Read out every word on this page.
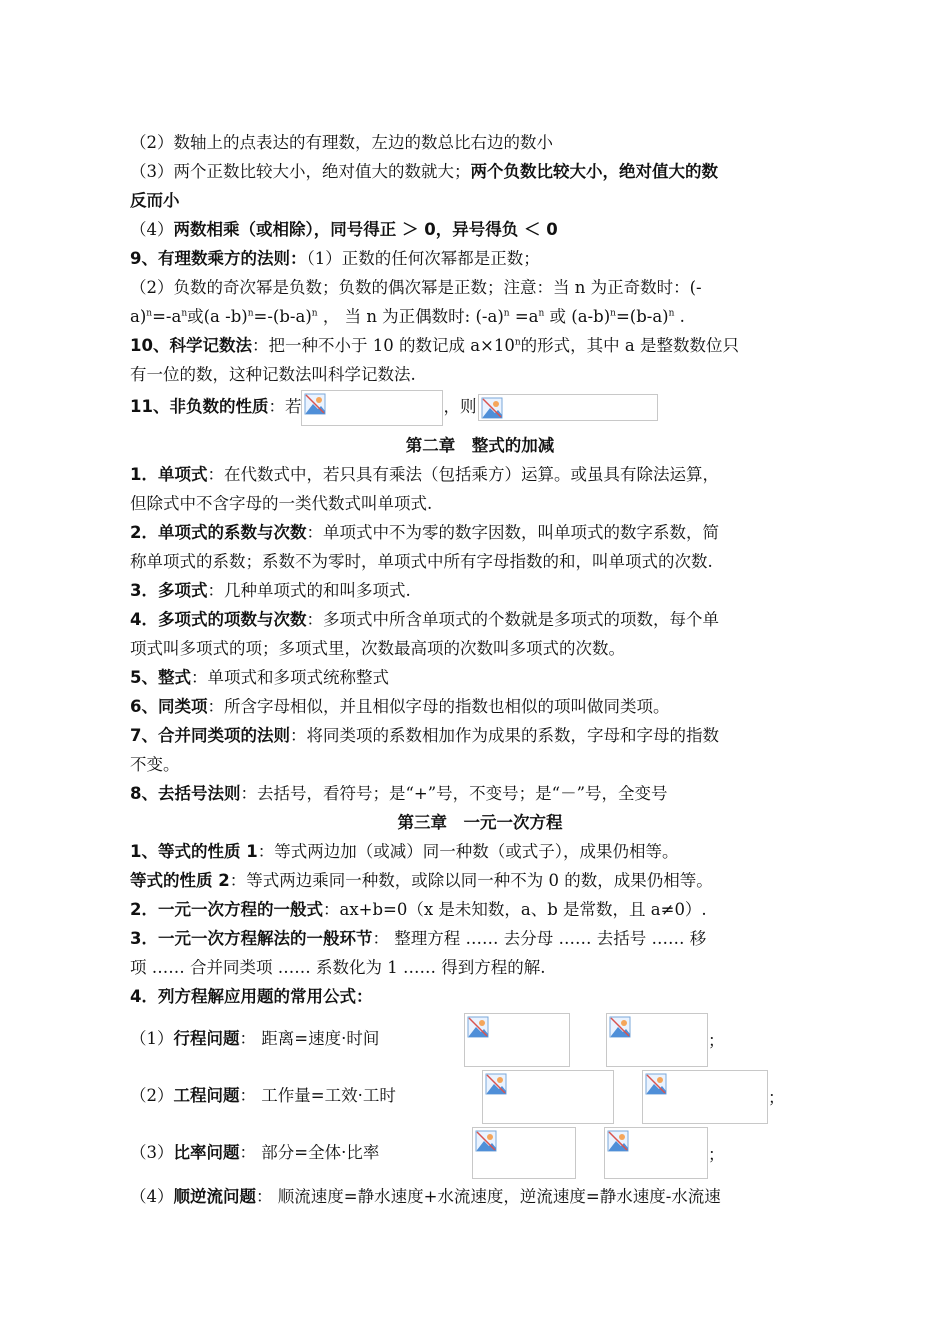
（2）数轴上的点表达的有理数，左边的数总比右边的数小
（3）两个正数比较大小，绝对值大的数就大；两个负数比较大小，绝对值大的数
反而小
（4）两数相乘（或相除），同号得正 ＞ 0，异号得负 ＜ 0
9、有理数乘方的法则：（1）正数的任何次幂都是正数；
（2）负数的奇次幂是负数；负数的偶次幂是正数；注意：当 n 为正奇数时：(-
$a)^n=-a^n$或(a $-b)^n=-(b-a)^n$ ， 当 n 为正偶数时: $(-a)^n =a^n$ 或 $(a-b)^n=(b-a)^n$ .
10、科学记数法：把一种不小于 10 的数记成 $a\times 10^n$的形式，其中 a 是整数数位只
有一位的数，这种记数法叫科学记数法.
11、非负数的性质：若	，则
第二章　整式的加减
1．单项式：在代数式中，若只具有乘法（包括乘方）运算。或虽具有除法运算，
但除式中不含字母的一类代数式叫单项式.
2．单项式的系数与次数：单项式中不为零的数字因数，叫单项式的数字系数，简
称单项式的系数；系数不为零时，单项式中所有字母指数的和，叫单项式的次数.
3．多项式：几种单项式的和叫多项式.
4．多项式的项数与次数：多项式中所含单项式的个数就是多项式的项数，每个单
项式叫多项式的项；多项式里，次数最高项的次数叫多项式的次数。
5、整式：单项式和多项式统称整式
6、同类项：所含字母相似，并且相似字母的指数也相似的项叫做同类项。
7、合并同类项的法则：将同类项的系数相加作为成果的系数，字母和字母的指数
不变。
8、去括号法则：去括号，看符号；是“+”号，不变号；是“－”号，全变号
第三章　一元一次方程
1、等式的性质 1：等式两边加（或减）同一种数（或式子），成果仍相等。
等式的性质 2：等式两边乘同一种数，或除以同一种不为 0 的数，成果仍相等。
2．一元一次方程的一般式：ax+b=0（x 是未知数，a、b 是常数，且 a≠0）.
3．一元一次方程解法的一般环节： 整理方程 …… 去分母 …… 去括号 …… 移
项 …… 合并同类项 …… 系数化为 1 …… 得到方程的解.
4．列方程解应用题的常用公式：
（1）行程问题： 距离=速度·时间	；
（2）工程问题： 工作量=工效·工时	；
（3）比率问题： 部分=全体·比率	；
（4）顺逆流问题： 顺流速度=静水速度+水流速度，逆流速度=静水速度-水流速
